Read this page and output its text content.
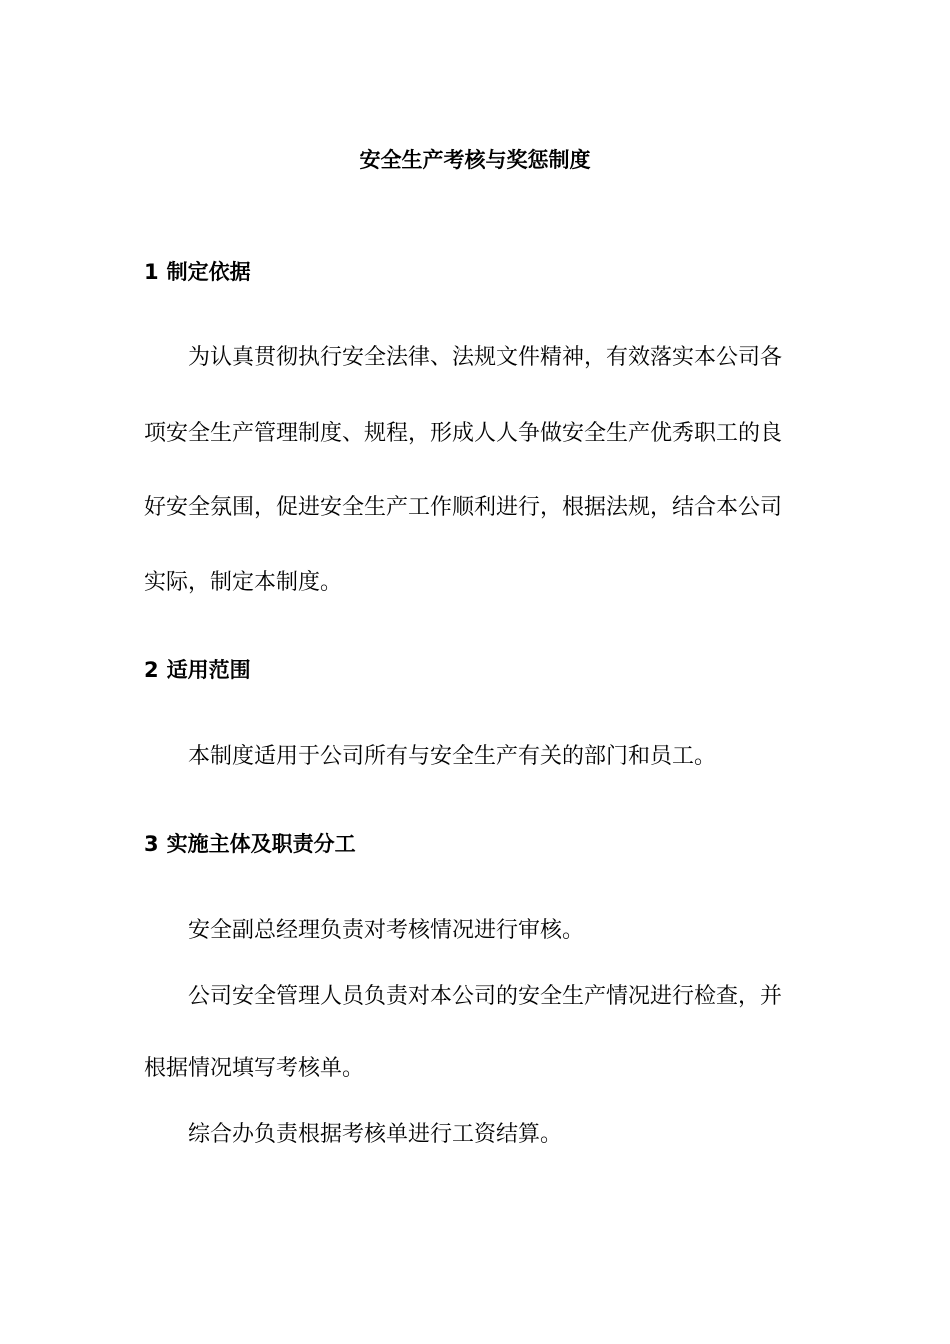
安全生产考核与奖惩制度
1 制定依据
为认真贯彻执行安全法律、法规文件精神，有效落实本公司各
项安全生产管理制度、规程，形成人人争做安全生产优秀职工的良
好安全氛围，促进安全生产工作顺利进行，根据法规，结合本公司
实际，制定本制度。
2 适用范围
本制度适用于公司所有与安全生产有关的部门和员工。
3 实施主体及职责分工
安全副总经理负责对考核情况进行审核。
公司安全管理人员负责对本公司的安全生产情况进行检查，并
根据情况填写考核单。
综合办负责根据考核单进行工资结算。
